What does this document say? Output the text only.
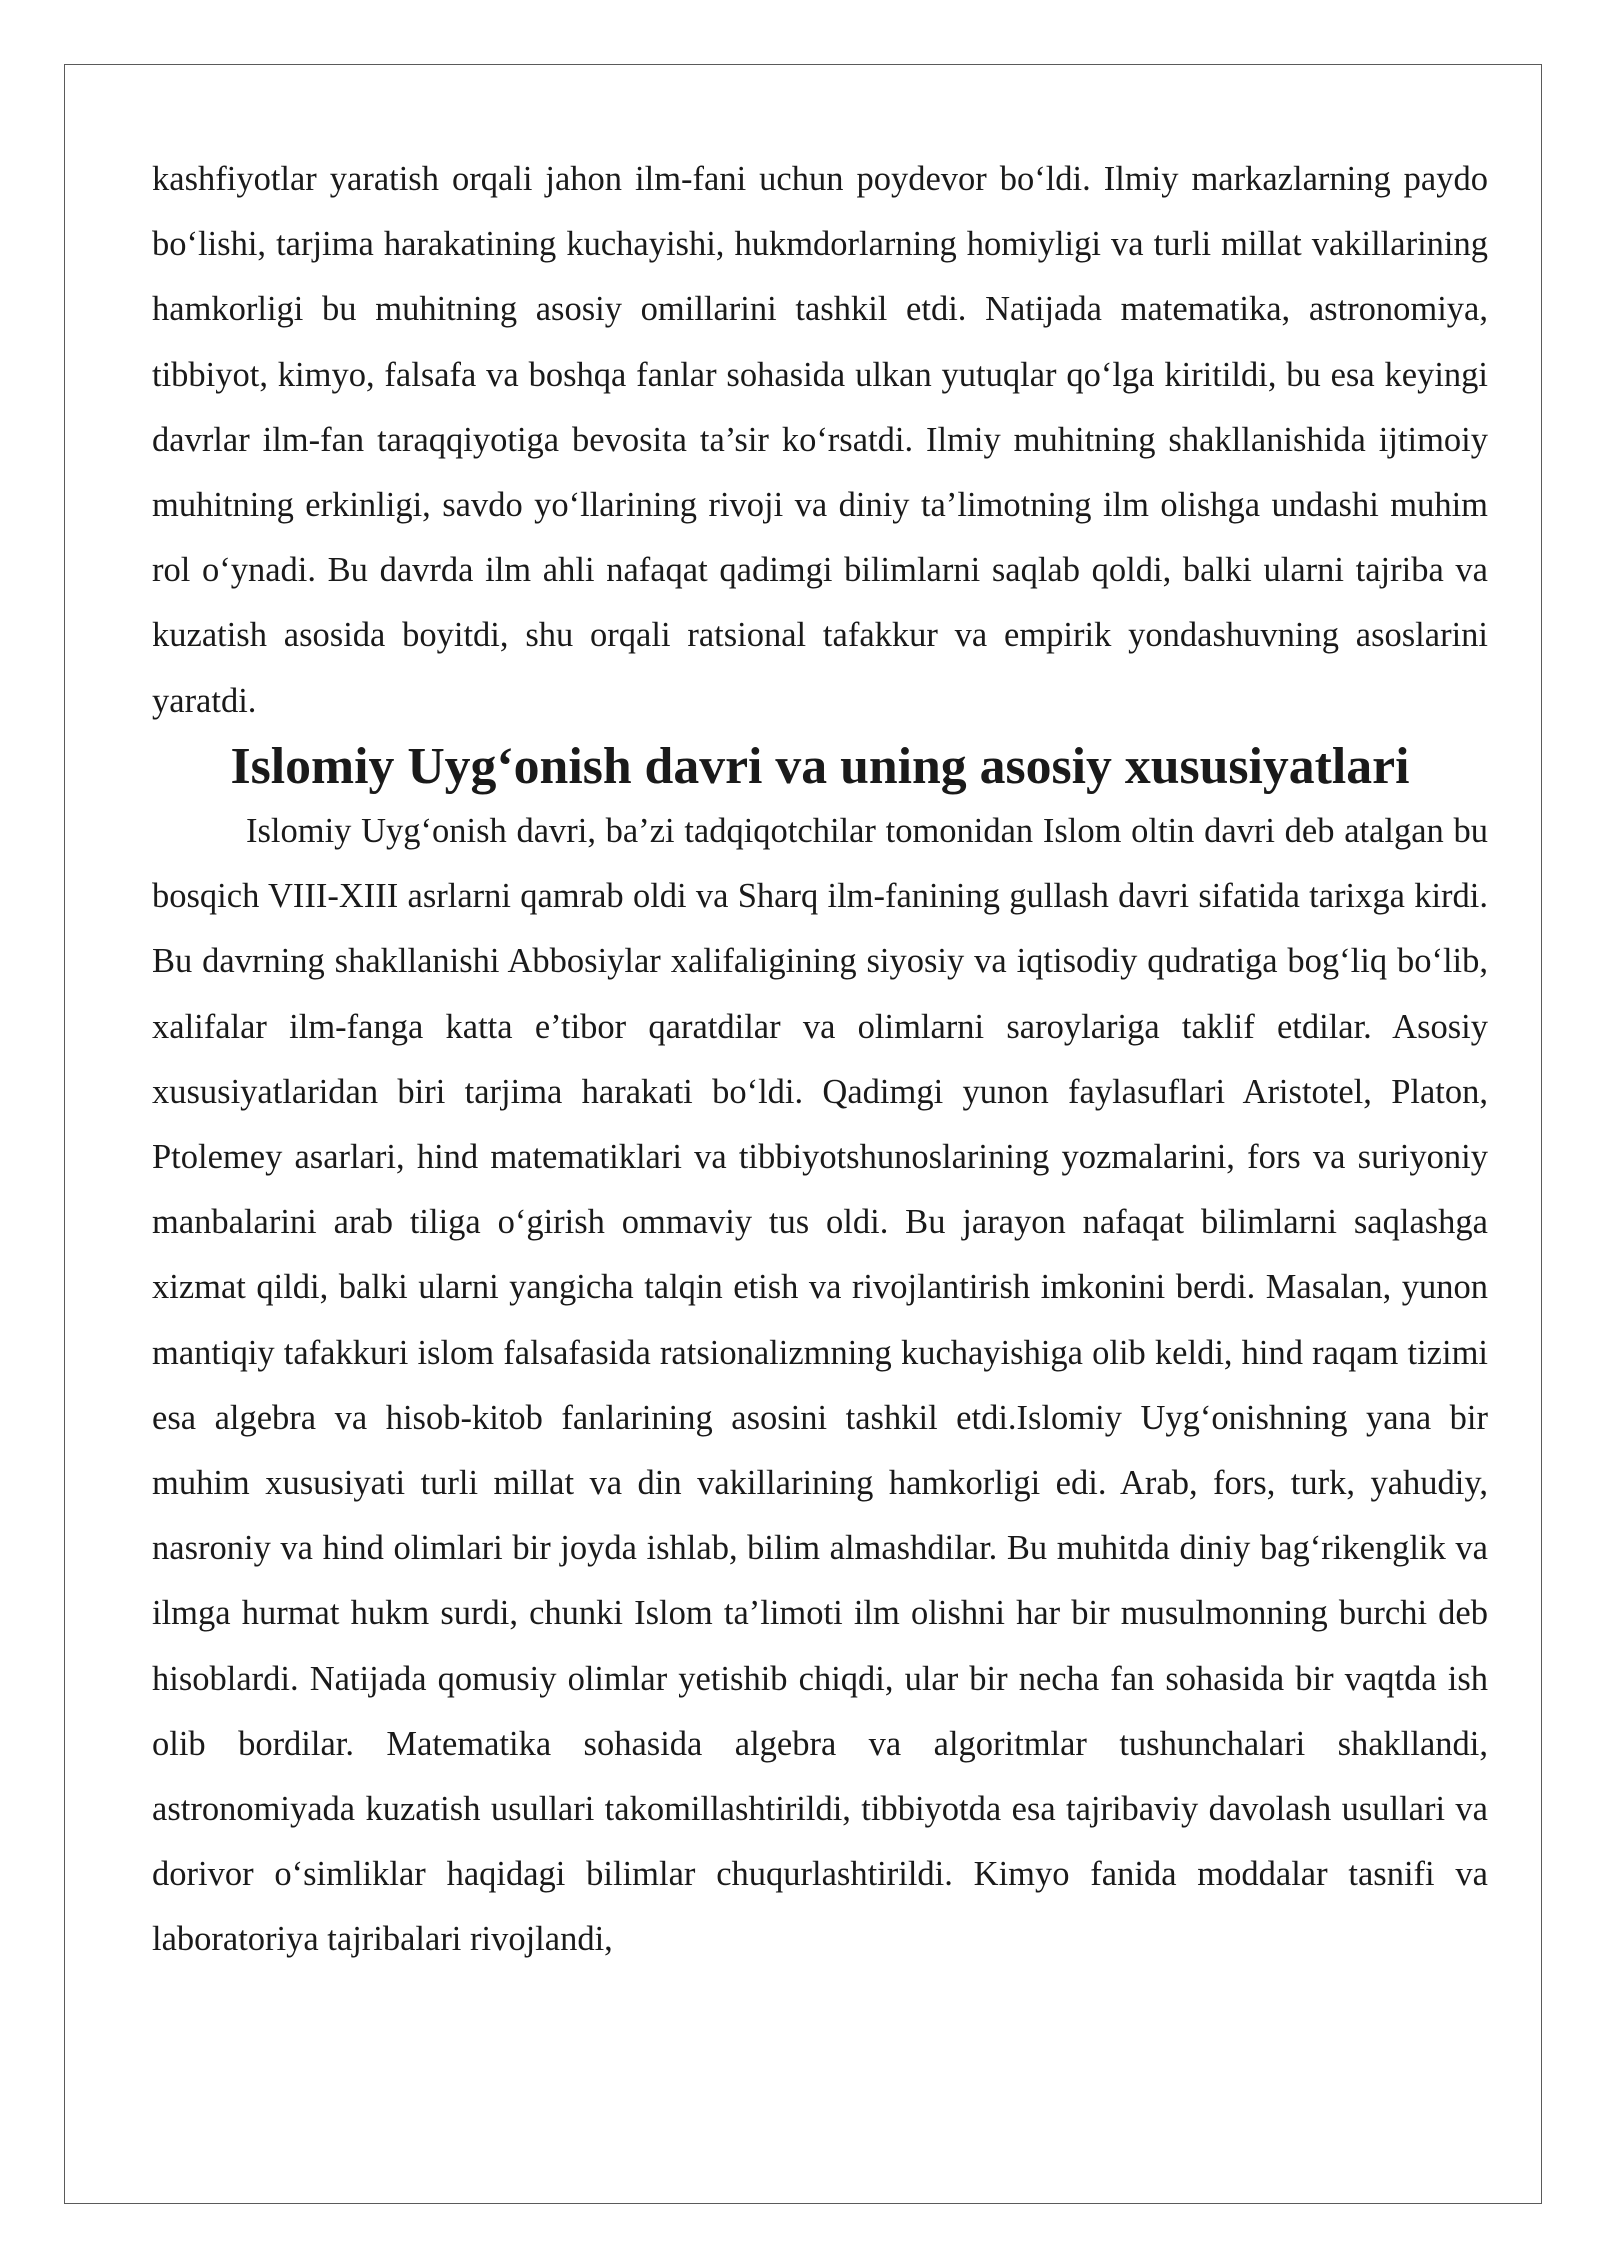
kashfiyotlar yaratish orqali jahon ilm-fani uchun poydevor bo‘ldi. Ilmiy markazlarning paydo bo‘lishi, tarjima harakatining kuchayishi, hukmdorlarning homiyligi va turli millat vakillarining hamkorligi bu muhitning asosiy omillarini tashkil etdi. Natijada matematika, astronomiya, tibbiyot, kimyo, falsafa va boshqa fanlar sohasida ulkan yutuqlar qo‘lga kiritildi, bu esa keyingi davrlar ilm-fan taraqqiyotiga bevosita ta’sir ko‘rsatdi. Ilmiy muhitning shakllanishida ijtimoiy muhitning erkinligi, savdo yo‘llarining rivoji va diniy ta’limotning ilm olishga undashi muhim rol o‘ynadi. Bu davrda ilm ahli nafaqat qadimgi bilimlarni saqlab qoldi, balki ularni tajriba va kuzatish asosida boyitdi, shu orqali ratsional tafakkur va empirik yondashuvning asoslarini yaratdi.

Islomiy Uyg‘onish davri va uning asosiy xususiyatlari

Islomiy Uyg‘onish davri, ba’zi tadqiqotchilar tomonidan Islom oltin davri deb atalgan bu bosqich VIII-XIII asrlarni qamrab oldi va Sharq ilm-fanining gullash davri sifatida tarixga kirdi. Bu davrning shakllanishi Abbosiylar xalifaligining siyosiy va iqtisodiy qudratiga bog‘liq bo‘lib, xalifalar ilm-fanga katta e’tibor qaratdilar va olimlarni saroylariga taklif etdilar. Asosiy xususiyatlaridan biri tarjima harakati bo‘ldi. Qadimgi yunon faylasuflari Aristotel, Platon, Ptolemey asarlari, hind matematiklari va tibbiyotshunoslarining yozmalarini, fors va suriyoniy manbalarini arab tiliga o‘girish ommaviy tus oldi. Bu jarayon nafaqat bilimlarni saqlashga xizmat qildi, balki ularni yangicha talqin etish va rivojlantirish imkonini berdi. Masalan, yunon mantiqiy tafakkuri islom falsafasida ratsionalizmning kuchayishiga olib keldi, hind raqam tizimi esa algebra va hisob-kitob fanlarining asosini tashkil etdi.Islomiy Uyg‘onishning yana bir muhim xususiyati turli millat va din vakillarining hamkorligi edi. Arab, fors, turk, yahudiy, nasroniy va hind olimlari bir joyda ishlab, bilim almashdilar. Bu muhitda diniy bag‘rikenglik va ilmga hurmat hukm surdi, chunki Islom ta’limoti ilm olishni har bir musulmonning burchi deb hisoblardi. Natijada qomusiy olimlar yetishib chiqdi, ular bir necha fan sohasida bir vaqtda ish olib bordilar. Matematika sohasida algebra va algoritmlar tushunchalari shakllandi, astronomiyada kuzatish usullari takomillashtirildi, tibbiyotda esa tajribaviy davolash usullari va dorivor o‘simliklar haqidagi bilimlar chuqurlashtirildi. Kimyo fanida moddalar tasnifi va laboratoriya tajribalari rivojlandi,
